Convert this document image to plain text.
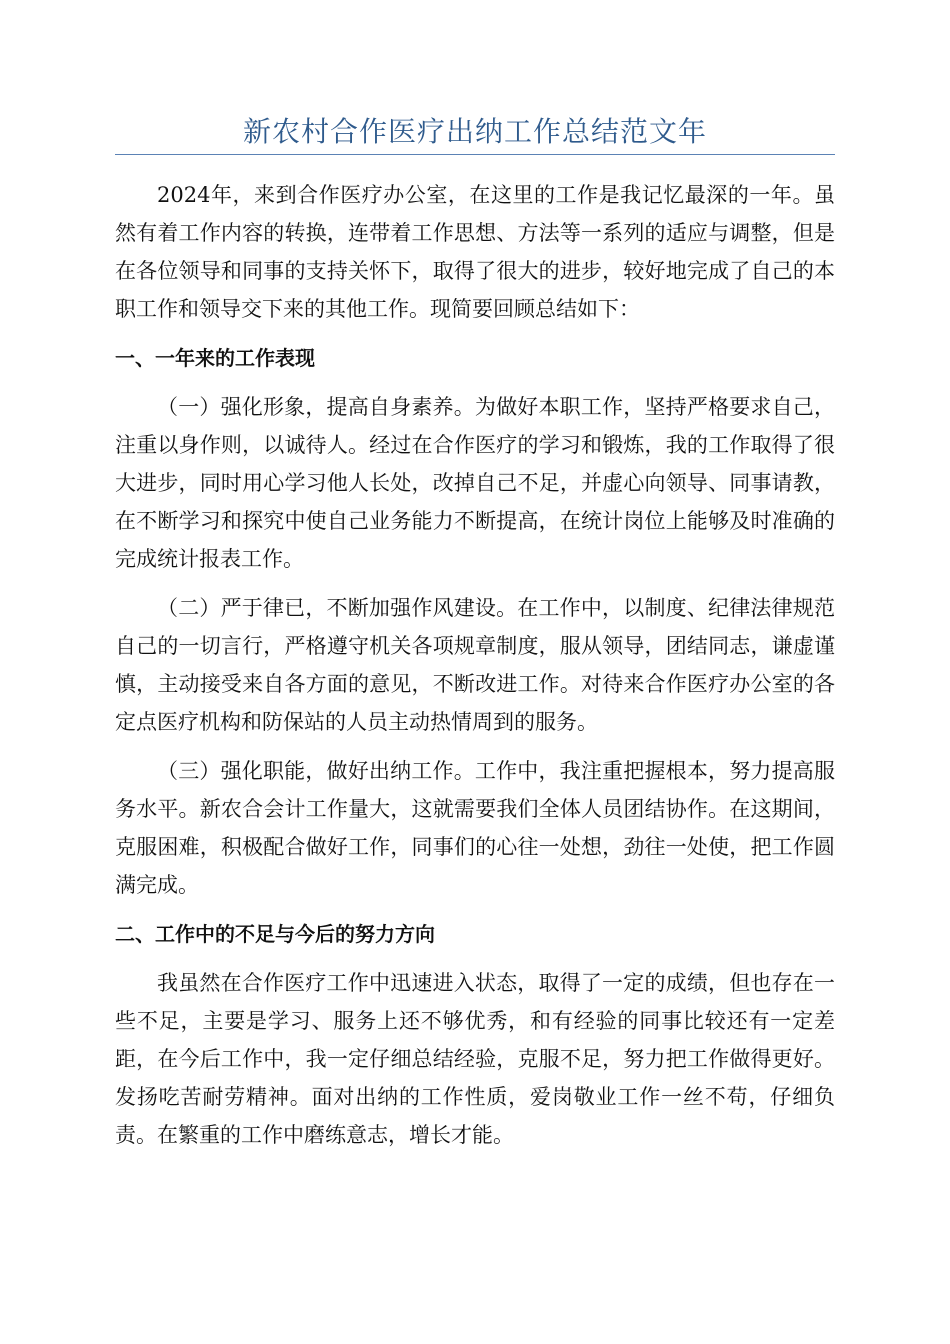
新农村合作医疗出纳工作总结范文年

2024年，来到合作医疗办公室，在这里的工作是我记忆最深的一年。虽然有着工作内容的转换，连带着工作思想、方法等一系列的适应与调整，但是在各位领导和同事的支持关怀下，取得了很大的进步，较好地完成了自己的本职工作和领导交下来的其他工作。现简要回顾总结如下：

一、一年来的工作表现

（一）强化形象，提高自身素养。为做好本职工作，坚持严格要求自己，注重以身作则，以诚待人。经过在合作医疗的学习和锻炼，我的工作取得了很大进步，同时用心学习他人长处，改掉自己不足，并虚心向领导、同事请教，在不断学习和探究中使自己业务能力不断提高，在统计岗位上能够及时准确的完成统计报表工作。

（二）严于律已，不断加强作风建设。在工作中，以制度、纪律法律规范自己的一切言行，严格遵守机关各项规章制度，服从领导，团结同志，谦虚谨慎，主动接受来自各方面的意见，不断改进工作。对待来合作医疗办公室的各定点医疗机构和防保站的人员主动热情周到的服务。

（三）强化职能，做好出纳工作。工作中，我注重把握根本，努力提高服务水平。新农合会计工作量大，这就需要我们全体人员团结协作。在这期间，克服困难，积极配合做好工作，同事们的心往一处想，劲往一处使，把工作圆满完成。

二、工作中的不足与今后的努力方向

我虽然在合作医疗工作中迅速进入状态，取得了一定的成绩，但也存在一些不足，主要是学习、服务上还不够优秀，和有经验的同事比较还有一定差距，在今后工作中，我一定仔细总结经验，克服不足，努力把工作做得更好。发扬吃苦耐劳精神。面对出纳的工作性质，爱岗敬业工作一丝不苟，仔细负责。在繁重的工作中磨练意志，增长才能。
